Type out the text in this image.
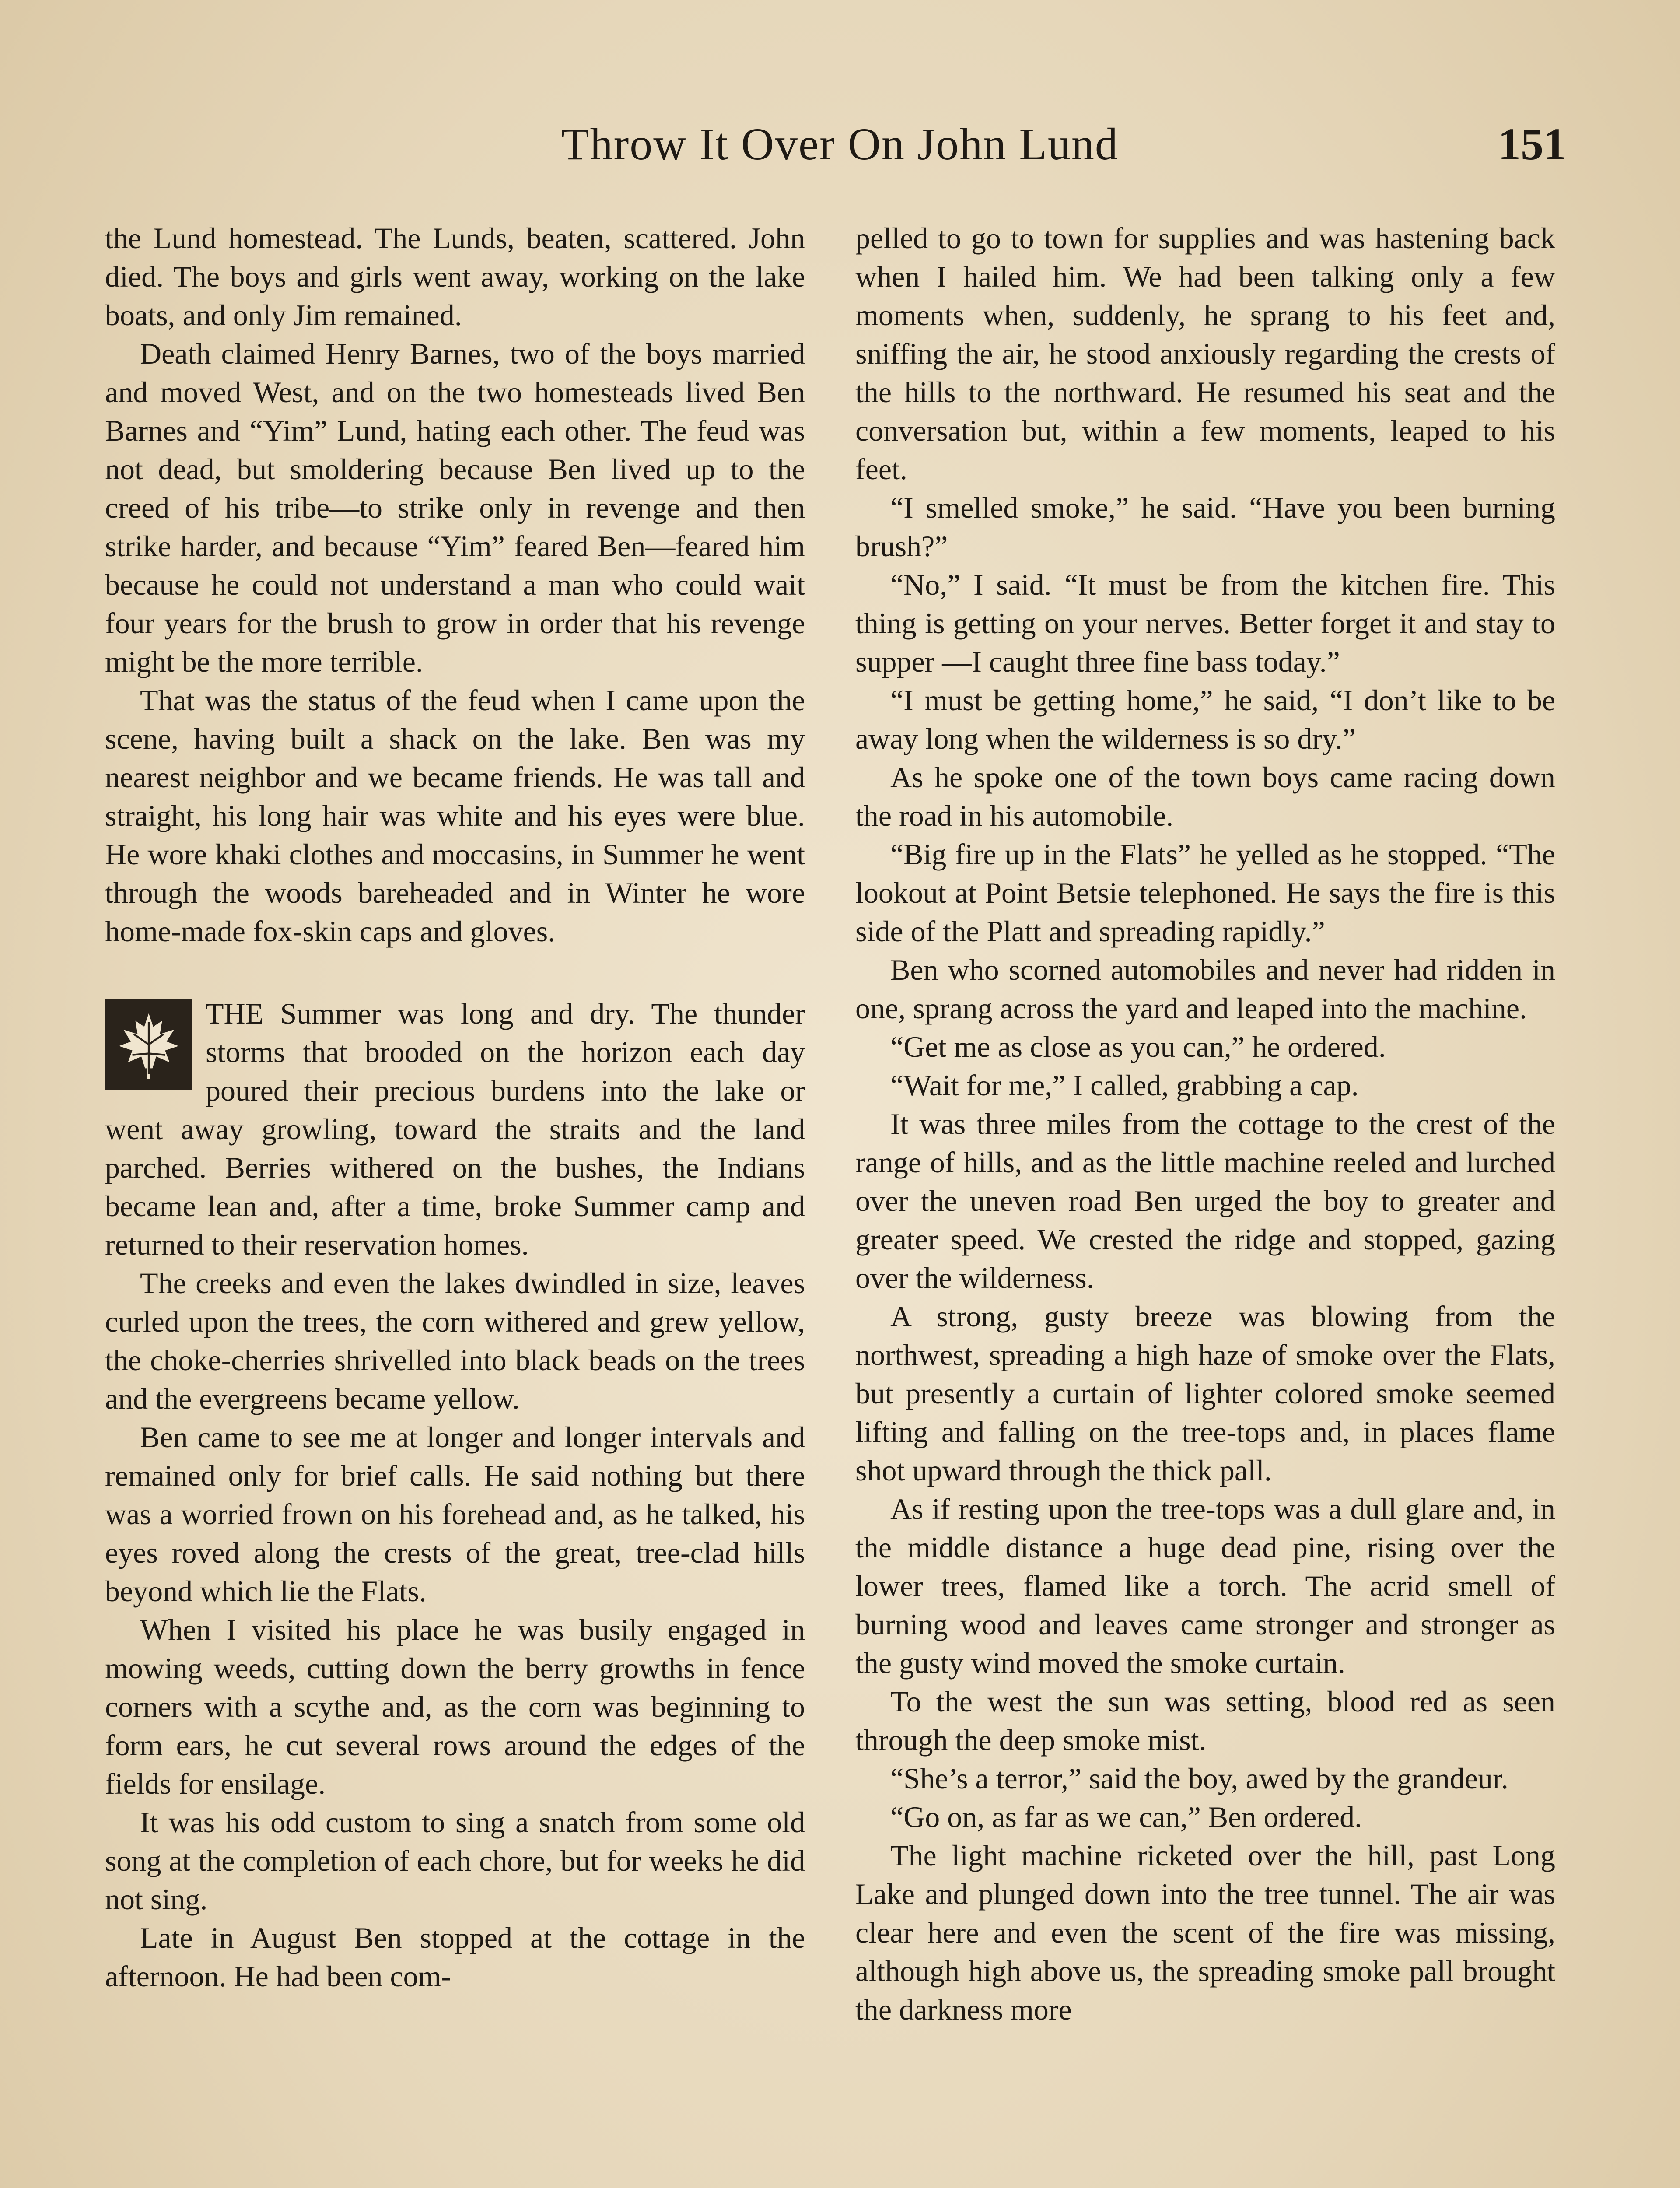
Throw It Over On John Lund	151

the Lund homestead. The Lunds, beaten, scattered. John died. The boys and girls went away, working on the lake boats, and only Jim remained.

Death claimed Henry Barnes, two of the boys married and moved West, and on the two homesteads lived Ben Barnes and “Yim” Lund, hating each other. The feud was not dead, but smoldering because Ben lived up to the creed of his tribe—to strike only in revenge and then strike harder, and because “Yim” feared Ben—feared him because he could not understand a man who could wait four years for the brush to grow in order that his revenge might be the more terrible.

That was the status of the feud when I came upon the scene, having built a shack on the lake. Ben was my nearest neighbor and we became friends. He was tall and straight, his long hair was white and his eyes were blue. He wore khaki clothes and moccasins, in Summer he went through the woods bareheaded and in Winter he wore home-made fox-skin caps and gloves.

THE Summer was long and dry. The thunder storms that brooded on the horizon each day poured their precious burdens into the lake or went away growling, toward the straits and the land parched. Berries withered on the bushes, the Indians became lean and, after a time, broke Summer camp and returned to their reservation homes.

The creeks and even the lakes dwindled in size, leaves curled upon the trees, the corn withered and grew yellow, the choke-cherries shrivelled into black beads on the trees and the evergreens became yellow.

Ben came to see me at longer and longer intervals and remained only for brief calls. He said nothing but there was a worried frown on his forehead and, as he talked, his eyes roved along the crests of the great, tree-clad hills beyond which lie the Flats.

When I visited his place he was busily engaged in mowing weeds, cutting down the berry growths in fence corners with a scythe and, as the corn was beginning to form ears, he cut several rows around the edges of the fields for ensilage.

It was his odd custom to sing a snatch from some old song at the completion of each chore, but for weeks he did not sing.

Late in August Ben stopped at the cottage in the afternoon. He had been com-

pelled to go to town for supplies and was hastening back when I hailed him. We had been talking only a few moments when, suddenly, he sprang to his feet and, sniffing the air, he stood anxiously regarding the crests of the hills to the northward. He resumed his seat and the conversation but, within a few moments, leaped to his feet.

“I smelled smoke,” he said. “Have you been burning brush?”

“No,” I said. “It must be from the kitchen fire. This thing is getting on your nerves. Better forget it and stay to supper —I caught three fine bass today.”

“I must be getting home,” he said, “I don’t like to be away long when the wilderness is so dry.”

As he spoke one of the town boys came racing down the road in his automobile.

“Big fire up in the Flats” he yelled as he stopped. “The lookout at Point Betsie telephoned. He says the fire is this side of the Platt and spreading rapidly.”

Ben who scorned automobiles and never had ridden in one, sprang across the yard and leaped into the machine.

“Get me as close as you can,” he ordered.

“Wait for me,” I called, grabbing a cap.

It was three miles from the cottage to the crest of the range of hills, and as the little machine reeled and lurched over the uneven road Ben urged the boy to greater and greater speed. We crested the ridge and stopped, gazing over the wilderness.

A strong, gusty breeze was blowing from the northwest, spreading a high haze of smoke over the Flats, but presently a curtain of lighter colored smoke seemed lifting and falling on the tree-tops and, in places flame shot upward through the thick pall.

As if resting upon the tree-tops was a dull glare and, in the middle distance a huge dead pine, rising over the lower trees, flamed like a torch. The acrid smell of burning wood and leaves came stronger and stronger as the gusty wind moved the smoke curtain.

To the west the sun was setting, blood red as seen through the deep smoke mist.

“She’s a terror,” said the boy, awed by the grandeur.

“Go on, as far as we can,” Ben ordered.

The light machine ricketed over the hill, past Long Lake and plunged down into the tree tunnel. The air was clear here and even the scent of the fire was missing, although high above us, the spreading smoke pall brought the darkness more
